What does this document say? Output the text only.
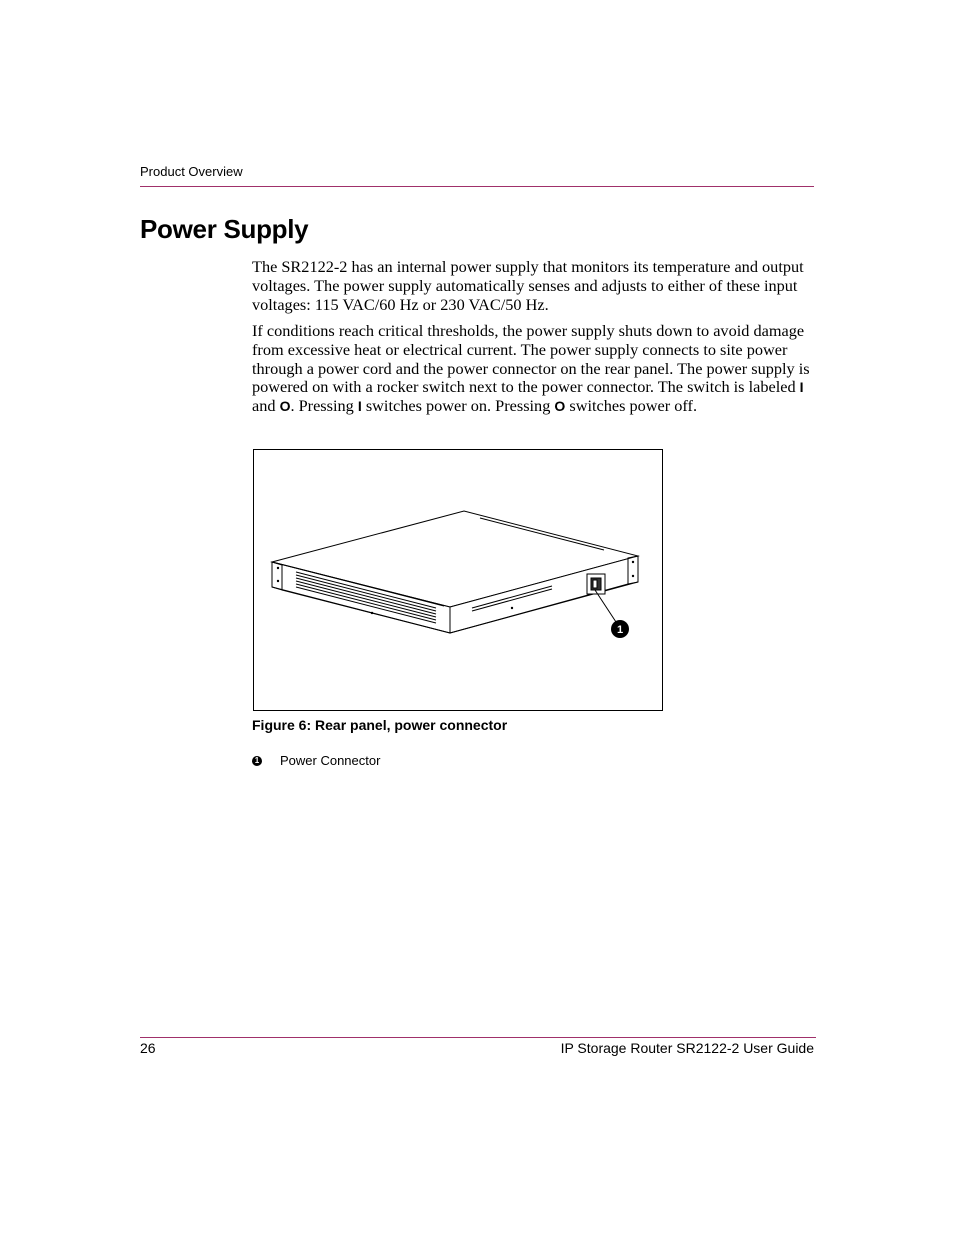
Product Overview
Power Supply

The SR2122-2 has an internal power supply that monitors its temperature and output voltages. The power supply automatically senses and adjusts to either of these input voltages: 115 VAC/60 Hz or 230 VAC/50 Hz.

If conditions reach critical thresholds, the power supply shuts down to avoid damage from excessive heat or electrical current. The power supply connects to site power through a power cord and the power connector on the rear panel. The power supply is powered on with a rocker switch next to the power connector. The switch is labeled I and O. Pressing I switches power on. Pressing O switches power off.

1
Figure 6: Rear panel, power connector
1 Power Connector
26	IP Storage Router SR2122-2 User Guide
